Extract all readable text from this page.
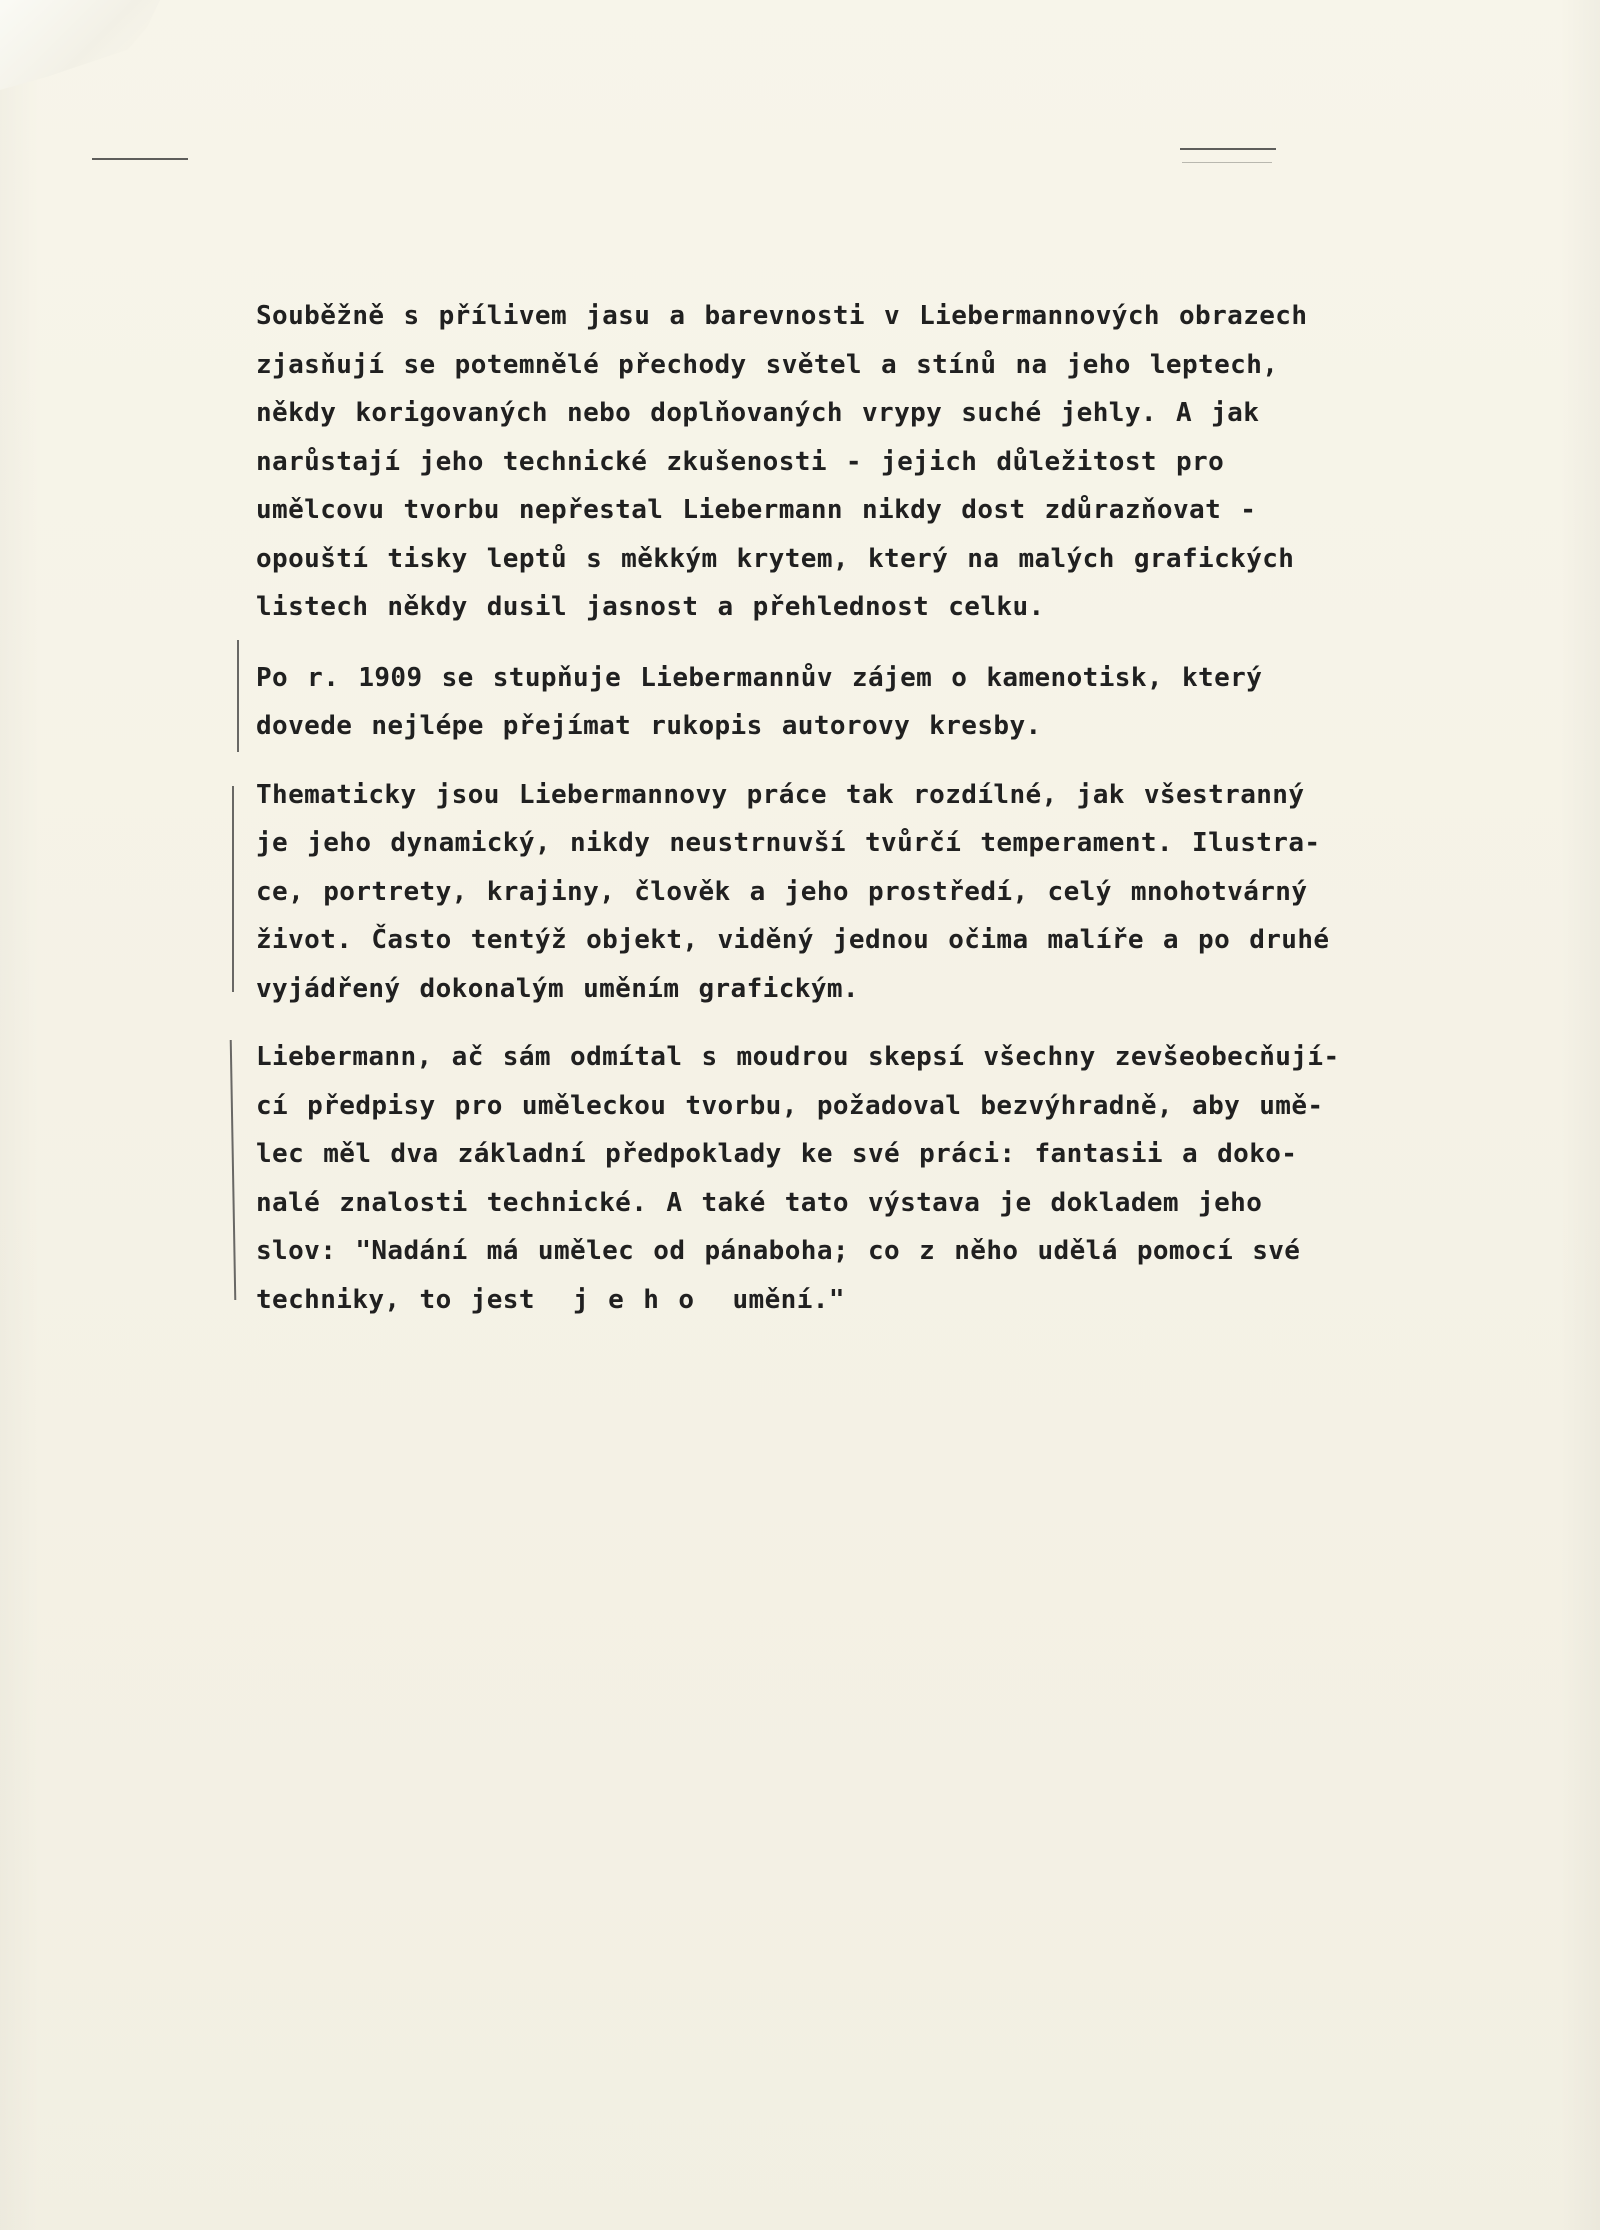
Souběžně s přílivem jasu a barevnosti v Liebermannových obrazech
zjasňují se potemnělé přechody světel a stínů na jeho leptech,
někdy korigovaných nebo doplňovaných vrypy suché jehly. A jak
narůstají jeho technické zkušenosti - jejich důležitost pro
umělcovu tvorbu nepřestal Liebermann nikdy dost zdůrazňovat -
opouští tisky leptů s měkkým krytem, který na malých grafických
listech někdy dusil jasnost a přehlednost celku.

Po r. 1909 se stupňuje Liebermannův zájem o kamenotisk, který
dovede nejlépe přejímat rukopis autorovy kresby.

Thematicky jsou Liebermannovy práce tak rozdílné, jak všestranný
je jeho dynamický, nikdy neustrnuvší tvůrčí temperament. Ilustra-
ce, portrety, krajiny, člověk a jeho prostředí, celý mnohotvárný
život. Často tentýž objekt, viděný jednou očima malíře a po druhé
vyjádřený dokonalým uměním grafickým.

Liebermann, ač sám odmítal s moudrou skepsí všechny zevšeobecňují-
cí předpisy pro uměleckou tvorbu, požadoval bezvýhradně, aby umě-
lec měl dva základní předpoklady ke své práci: fantasii a doko-
nalé znalosti technické. A také tato výstava je dokladem jeho
slov: "Nadání má umělec od pánaboha; co z něho udělá pomocí své
techniky, to jest  j e h o  umění."
